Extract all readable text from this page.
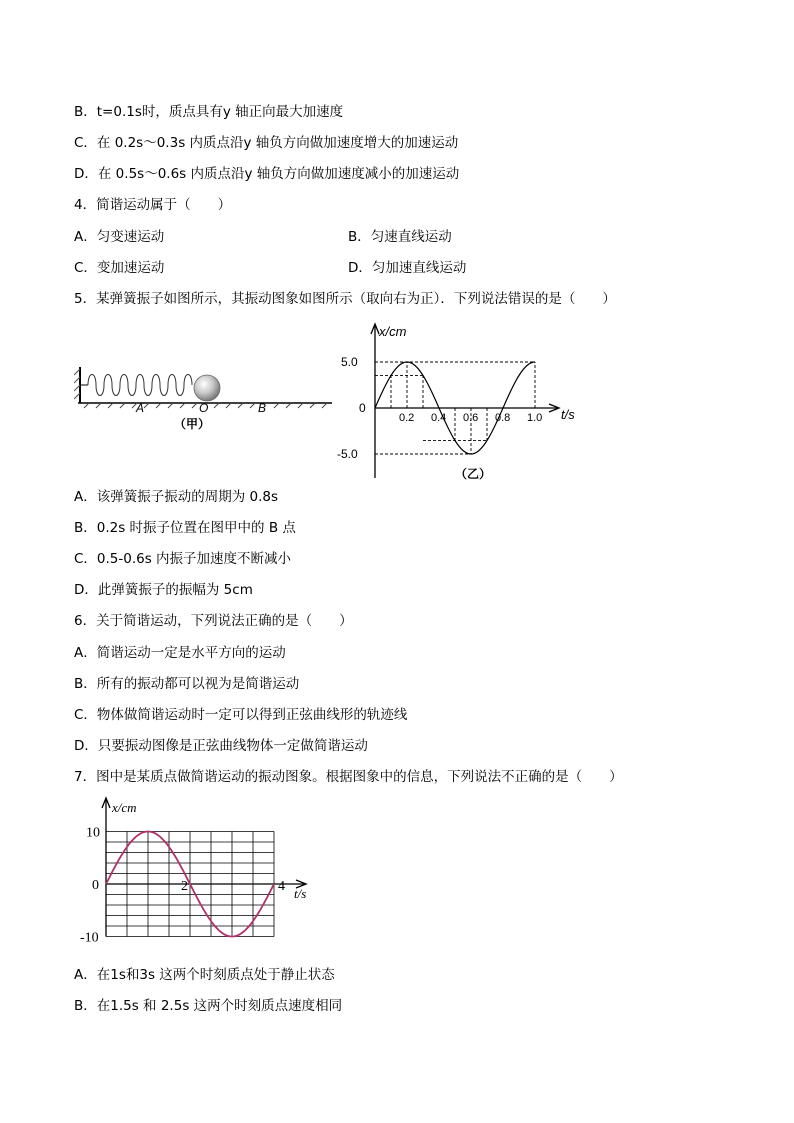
B．t=0.1s时，质点具有y 轴正向最大加速度
C．在 0.2s～0.3s 内质点沿y 轴负方向做加速度增大的加速运动
D．在 0.5s～0.6s 内质点沿y 轴负方向做加速度减小的加速运动
4．简谐运动属于（　　）
A．匀变速运动	B．匀速直线运动
C．变加速运动	D．匀加速直线运动
5．某弹簧振子如图所示，其振动图象如图所示（取向右为正）．下列说法错误的是（　　）
A	O	B
（甲）
x/cm
t/s
5.0
0
-5.0
0.2 0.4 0.6 0.8 1.0
（乙）
A．该弹簧振子振动的周期为 0.8s
B．0.2s 时振子位置在图甲中的 B 点
C．0.5-0.6s 内振子加速度不断减小
D．此弹簧振子的振幅为 5cm
6．关于简谐运动，下列说法正确的是（　　）
A．简谐运动一定是水平方向的运动
B．所有的振动都可以视为是简谐运动
C．物体做简谐运动时一定可以得到正弦曲线形的轨迹线
D．只要振动图像是正弦曲线物体一定做简谐运动
7．图中是某质点做简谐运动的振动图象。根据图象中的信息，下列说法不正确的是（　　）
x/cm
t/s
10
0
-10
2	4
A．在1s和3s 这两个时刻质点处于静止状态
B．在1.5s 和 2.5s 这两个时刻质点速度相同
